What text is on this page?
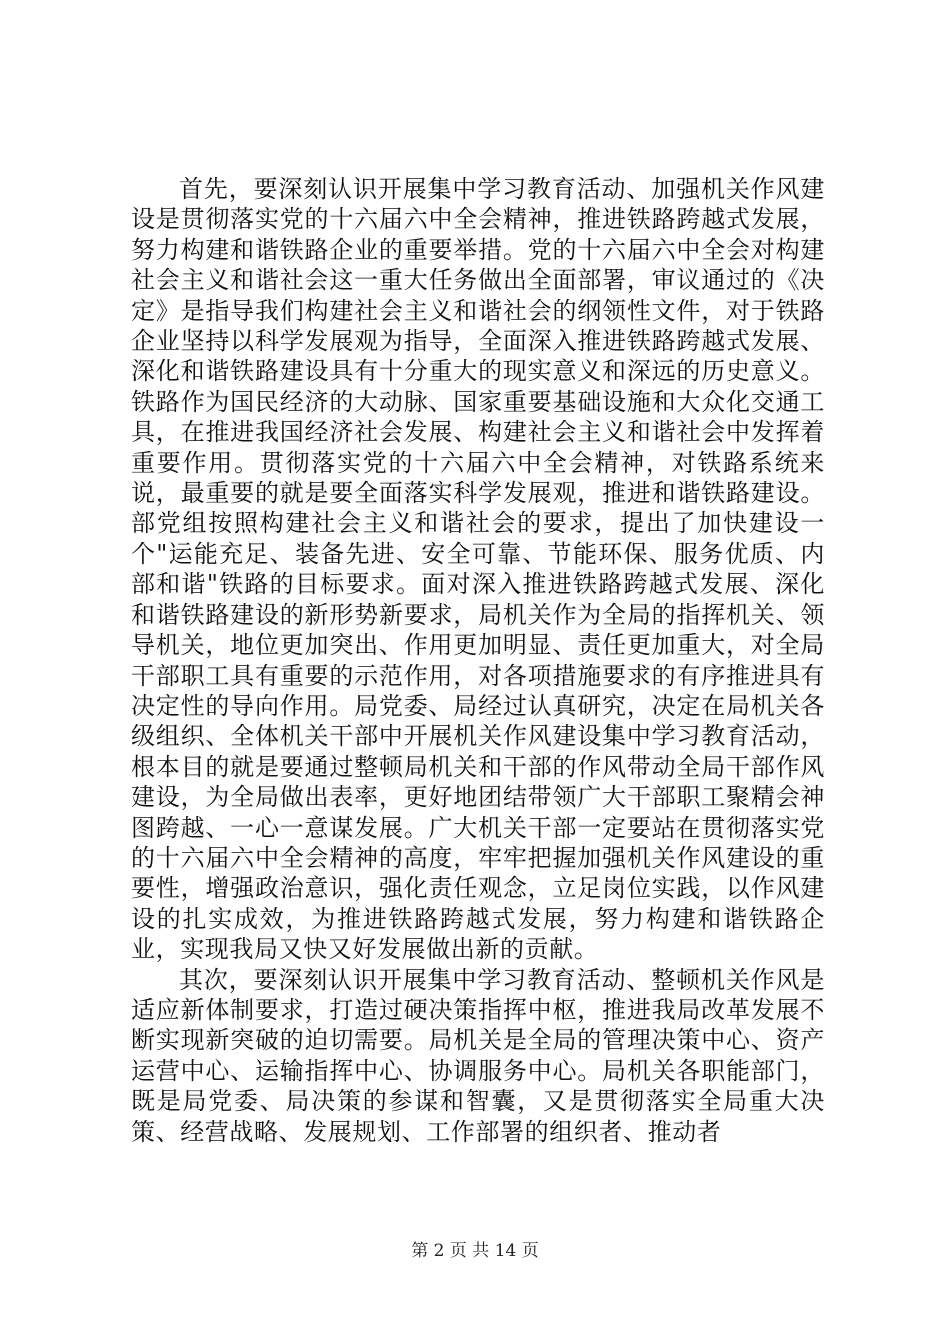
首先，要深刻认识开展集中学习教育活动、加强机关作风建设是贯彻落实党的十六届六中全会精神，推进铁路跨越式发展，努力构建和谐铁路企业的重要举措。党的十六届六中全会对构建社会主义和谐社会这一重大任务做出全面部署，审议通过的《决定》是指导我们构建社会主义和谐社会的纲领性文件，对于铁路企业坚持以科学发展观为指导，全面深入推进铁路跨越式发展、深化和谐铁路建设具有十分重大的现实意义和深远的历史意义。铁路作为国民经济的大动脉、国家重要基础设施和大众化交通工具，在推进我国经济社会发展、构建社会主义和谐社会中发挥着重要作用。贯彻落实党的十六届六中全会精神，对铁路系统来说，最重要的就是要全面落实科学发展观，推进和谐铁路建设。部党组按照构建社会主义和谐社会的要求，提出了加快建设一个"运能充足、装备先进、安全可靠、节能环保、服务优质、内部和谐"铁路的目标要求。面对深入推进铁路跨越式发展、深化和谐铁路建设的新形势新要求，局机关作为全局的指挥机关、领导机关，地位更加突出、作用更加明显、责任更加重大，对全局干部职工具有重要的示范作用，对各项措施要求的有序推进具有决定性的导向作用。局党委、局经过认真研究，决定在局机关各级组织、全体机关干部中开展机关作风建设集中学习教育活动，根本目的就是要通过整顿局机关和干部的作风带动全局干部作风建设，为全局做出表率，更好地团结带领广大干部职工聚精会神图跨越、一心一意谋发展。广大机关干部一定要站在贯彻落实党的十六届六中全会精神的高度，牢牢把握加强机关作风建设的重要性，增强政治意识，强化责任观念，立足岗位实践，以作风建设的扎实成效，为推进铁路跨越式发展，努力构建和谐铁路企业，实现我局又快又好发展做出新的贡献。

其次，要深刻认识开展集中学习教育活动、整顿机关作风是适应新体制要求，打造过硬决策指挥中枢，推进我局改革发展不断实现新突破的迫切需要。局机关是全局的管理决策中心、资产运营中心、运输指挥中心、协调服务中心。局机关各职能部门，既是局党委、局决策的参谋和智囊，又是贯彻落实全局重大决策、经营战略、发展规划、工作部署的组织者、推动者

第 2 页 共 14 页
